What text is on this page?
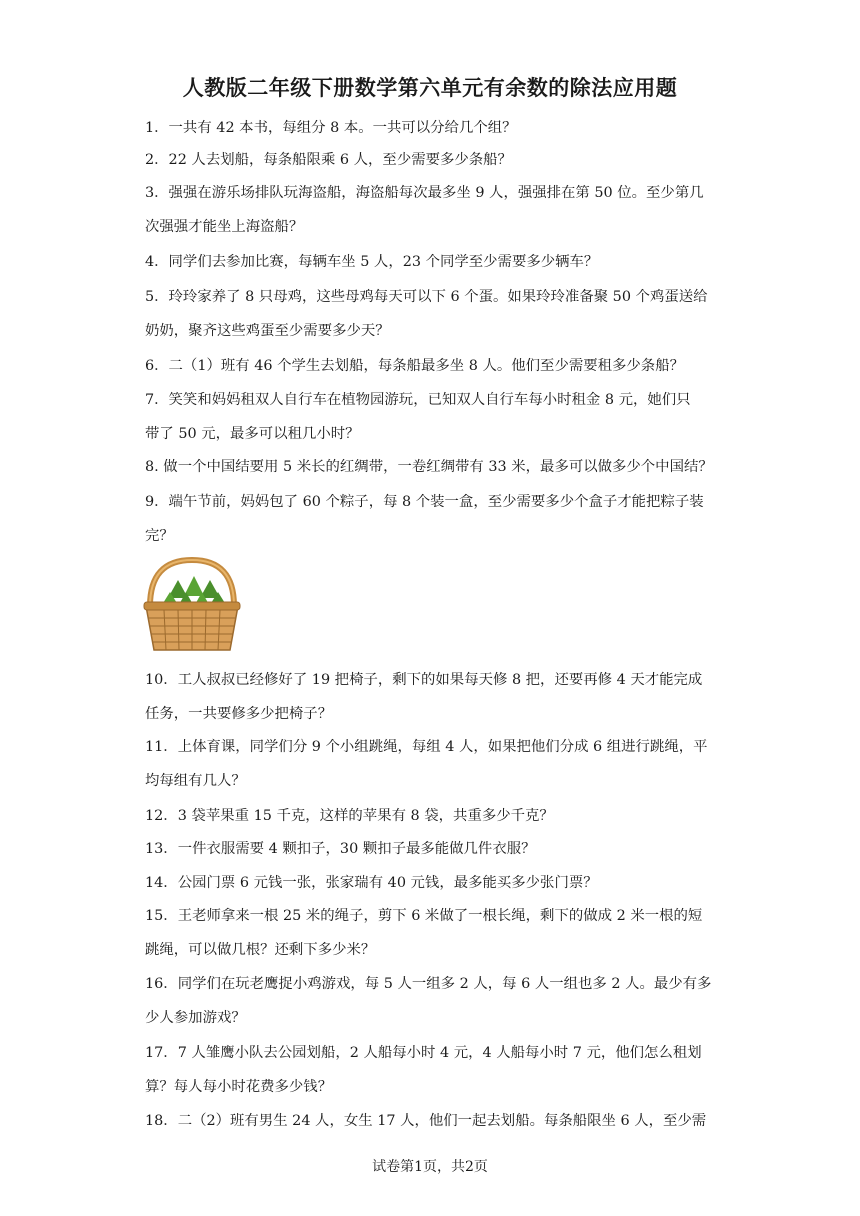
人教版二年级下册数学第六单元有余数的除法应用题
1．一共有 42 本书，每组分 8 本。一共可以分给几个组？
2．22 人去划船，每条船限乘 6 人，至少需要多少条船？
3．强强在游乐场排队玩海盗船，海盗船每次最多坐 9 人，强强排在第 50 位。至少第几
次强强才能坐上海盗船？
4．同学们去参加比赛，每辆车坐 5 人，23 个同学至少需要多少辆车？
5．玲玲家养了 8 只母鸡，这些母鸡每天可以下 6 个蛋。如果玲玲准备聚 50 个鸡蛋送给
奶奶，聚齐这些鸡蛋至少需要多少天？
6．二（1）班有 46 个学生去划船，每条船最多坐 8 人。他们至少需要租多少条船？
7．笑笑和妈妈租双人自行车在植物园游玩，已知双人自行车每小时租金 8 元，她们只
带了 50 元，最多可以租几小时？
8. 做一个中国结要用 5 米长的红绸带，一卷红绸带有 33 米，最多可以做多少个中国结？
9．端午节前，妈妈包了 60 个粽子，每 8 个装一盒，至少需要多少个盒子才能把粽子装
完？
10．工人叔叔已经修好了 19 把椅子，剩下的如果每天修 8 把，还要再修 4 天才能完成
任务，一共要修多少把椅子？
11．上体育课，同学们分 9 个小组跳绳，每组 4 人，如果把他们分成 6 组进行跳绳，平
均每组有几人？
12．3 袋苹果重 15 千克，这样的苹果有 8 袋，共重多少千克？
13．一件衣服需要 4 颗扣子，30 颗扣子最多能做几件衣服？
14．公园门票 6 元钱一张，张家瑞有 40 元钱，最多能买多少张门票？
15．王老师拿来一根 25 米的绳子，剪下 6 米做了一根长绳，剩下的做成 2 米一根的短
跳绳，可以做几根？还剩下多少米？
16．同学们在玩老鹰捉小鸡游戏，每 5 人一组多 2 人，每 6 人一组也多 2 人。最少有多
少人参加游戏？
17．7 人雏鹰小队去公园划船，2 人船每小时 4 元，4 人船每小时 7 元，他们怎么租划
算？每人每小时花费多少钱？
18．二（2）班有男生 24 人，女生 17 人，他们一起去划船。每条船限坐 6 人，至少需
试卷第1页，共2页
